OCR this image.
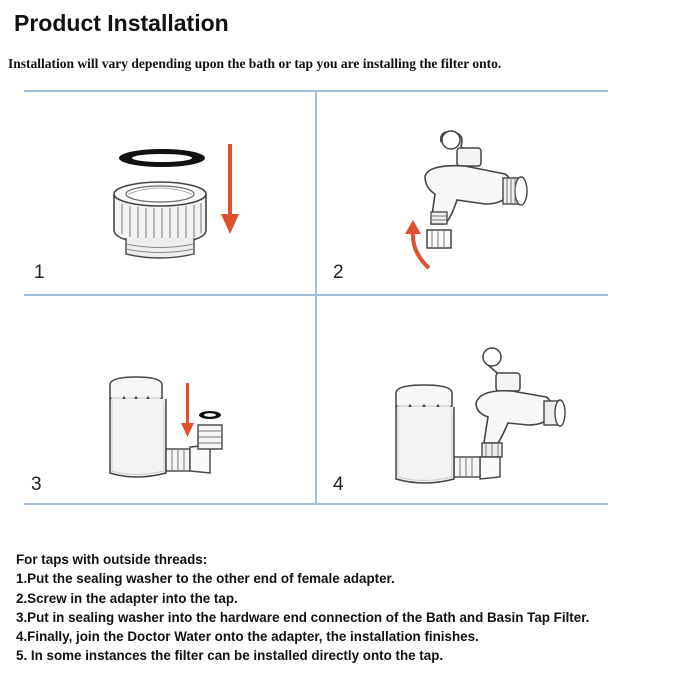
Product Installation
Installation will vary depending upon the bath or tap you are installing the filter onto.
1	2
3	4
For taps with outside threads:
1.Put the sealing washer to the other end of female adapter.
2.Screw in the adapter into the tap.
3.Put in sealing washer into the hardware end connection of the Bath and Basin Tap Filter.
4.Finally, join the Doctor Water onto the adapter, the installation finishes.
5. In some instances the filter can be installed directly onto the tap.
